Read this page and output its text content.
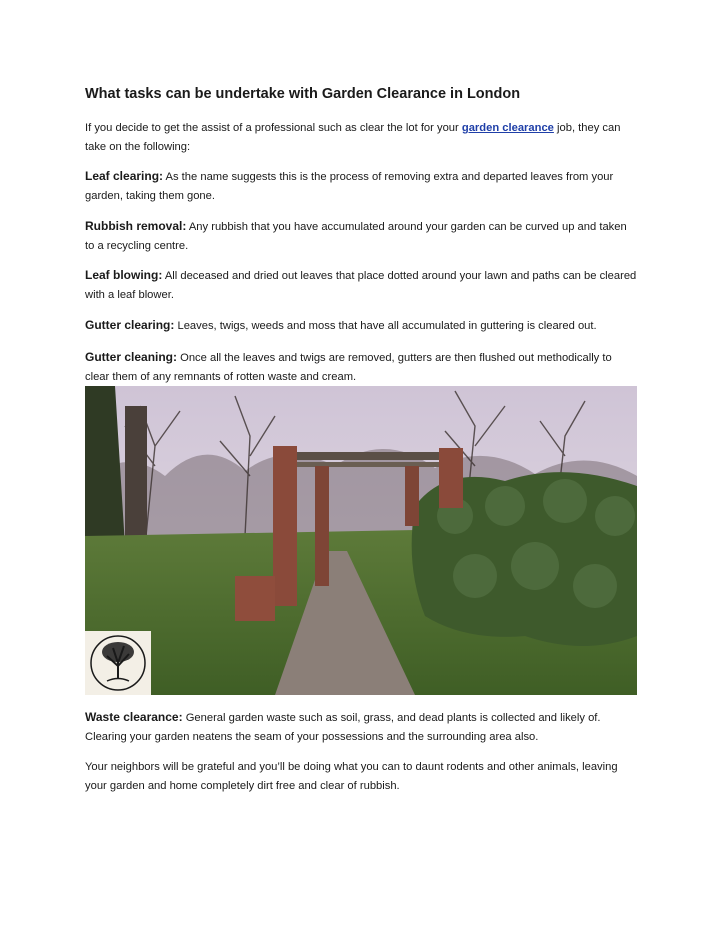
What tasks can be undertake with Garden Clearance in London

If you decide to get the assist of a professional such as clear the lot for your garden clearance job, they can take on the following:

Leaf clearing: As the name suggests this is the process of removing extra and departed leaves from your garden, taking them gone.

Rubbish removal: Any rubbish that you have accumulated around your garden can be curved up and taken to a recycling centre.

Leaf blowing: All deceased and dried out leaves that place dotted around your lawn and paths can be cleared with a leaf blower.

Gutter clearing: Leaves, twigs, weeds and moss that have all accumulated in guttering is cleared out.

Gutter cleaning: Once all the leaves and twigs are removed, gutters are then flushed out methodically to clear them of any remnants of rotten waste and cream.

Waste clearance: General garden waste such as soil, grass, and dead plants is collected and likely of. Clearing your garden neatens the seam of your possessions and the surrounding area also.

Your neighbors will be grateful and you’ll be doing what you can to daunt rodents and other animals, leaving your garden and home completely dirt free and clear of rubbish.
